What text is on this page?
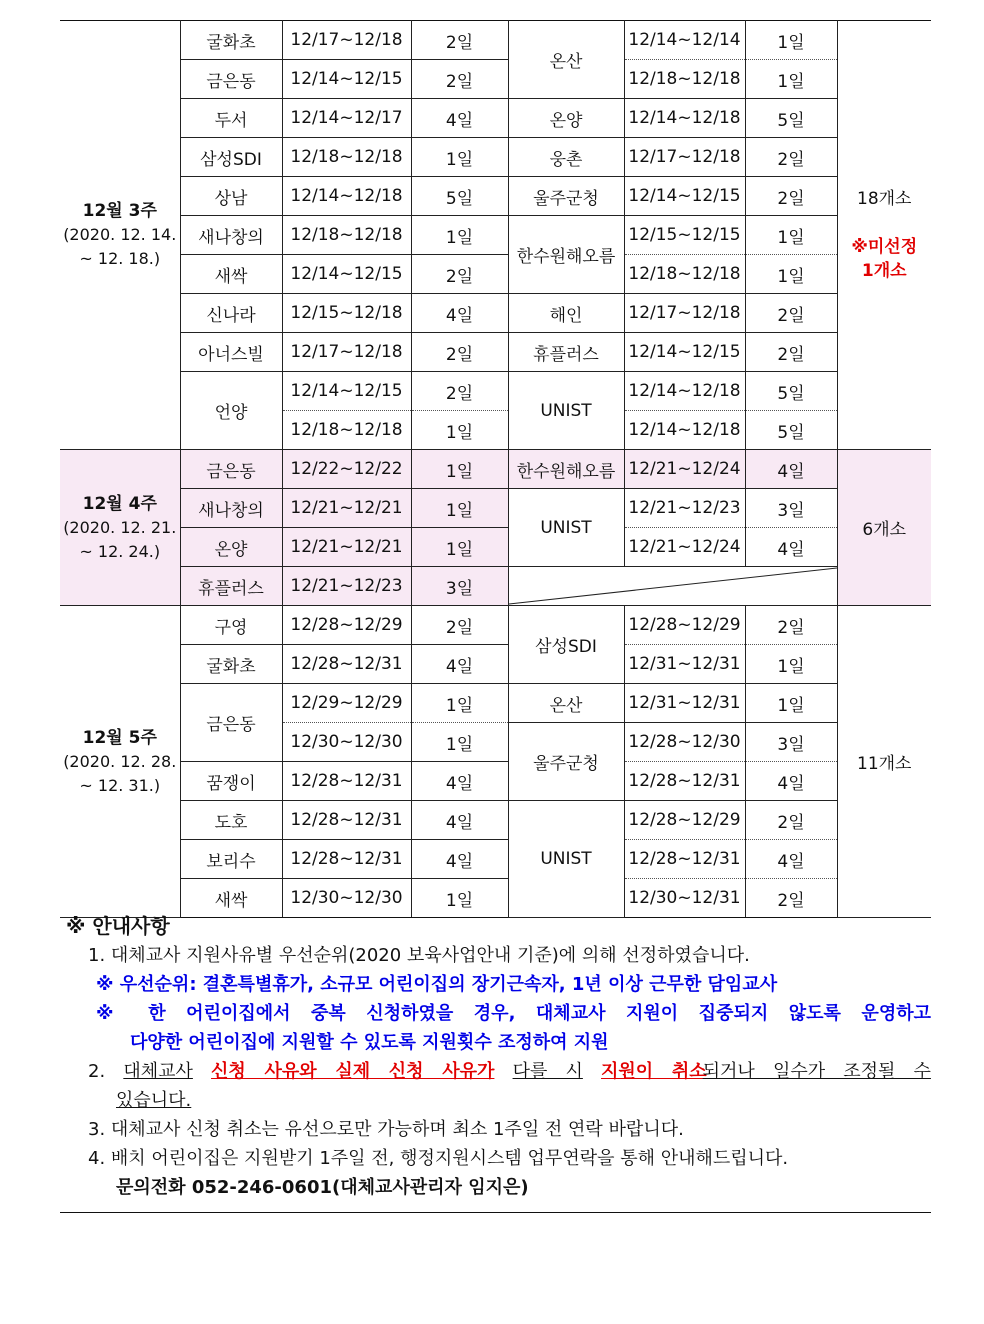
12월 3주
(2020. 12. 14.
~ 12. 18.)	굴화초	12/17~12/18	2일	온산	12/14~12/14	1일	18개소

※미선정
1개소
	금은동	12/14~12/15	2일		12/18~12/18	1일	
	두서	12/14~12/17	4일	온양	12/14~12/18	5일	
	삼성SDI	12/18~12/18	1일	웅촌	12/17~12/18	2일	
	상남	12/14~12/18	5일	울주군청	12/14~12/15	2일	
	새나창의	12/18~12/18	1일	한수원해오름	12/15~12/15	1일	
	새싹	12/14~12/15	2일		12/18~12/18	1일	
	신나라	12/15~12/18	4일	해인	12/17~12/18	2일	
	아너스빌	12/17~12/18	2일	휴플러스	12/14~12/15	2일	
	언양	12/14~12/15	2일	UNIST	12/14~12/18	5일	
		12/18~12/18	1일		12/14~12/18	5일	
12월 4주
(2020. 12. 21.
~ 12. 24.)	금은동	12/22~12/22	1일	한수원해오름	12/21~12/24	4일	6개소
	새나창의	12/21~12/21	1일	UNIST	12/21~12/23	3일	
	온양	12/21~12/21	1일		12/21~12/24	4일	
	휴플러스	12/21~12/23	3일	

12월 5주
(2020. 12. 28.
~ 12. 31.)	구영	12/28~12/29	2일	삼성SDI	12/28~12/29	2일	11개소
	굴화초	12/28~12/31	4일		12/31~12/31	1일	
	금은동	12/29~12/29	1일	온산	12/31~12/31	1일	
		12/30~12/30	1일	울주군청	12/28~12/30	3일	
	꿈쟁이	12/28~12/31	4일		12/28~12/31	4일	
	도호	12/28~12/31	4일	UNIST	12/28~12/29	2일	
	보리수	12/28~12/31	4일		12/28~12/31	4일	
	새싹	12/30~12/30	1일		12/30~12/31	2일	
※ 안내사항
1. 대체교사 지원사유별 우선순위(2020 보육사업안내 기준)에 의해 선정하였습니다.
※ 우선순위: 결혼특별휴가, 소규모 어린이집의 장기근속자, 1년 이상 근무한 담임교사
※ 한 어린이집에서 중복 신청하였을 경우, 대체교사 지원이 집중되지 않도록 운영하고
다양한 어린이집에 지원할 수 있도록 지원횟수 조정하여 지원
2. 대체교사 신청 사유와 실제 신청 사유가 다를 시 지원이 취소되거나 일수가 조정될 수
있습니다.
3. 대체교사 신청 취소는 유선으로만 가능하며 최소 1주일 전 연락 바랍니다.
4. 배치 어린이집은 지원받기 1주일 전, 행정지원시스템 업무연락을 통해 안내해드립니다.
문의전화 052-246-0601(대체교사관리자 임지은)
